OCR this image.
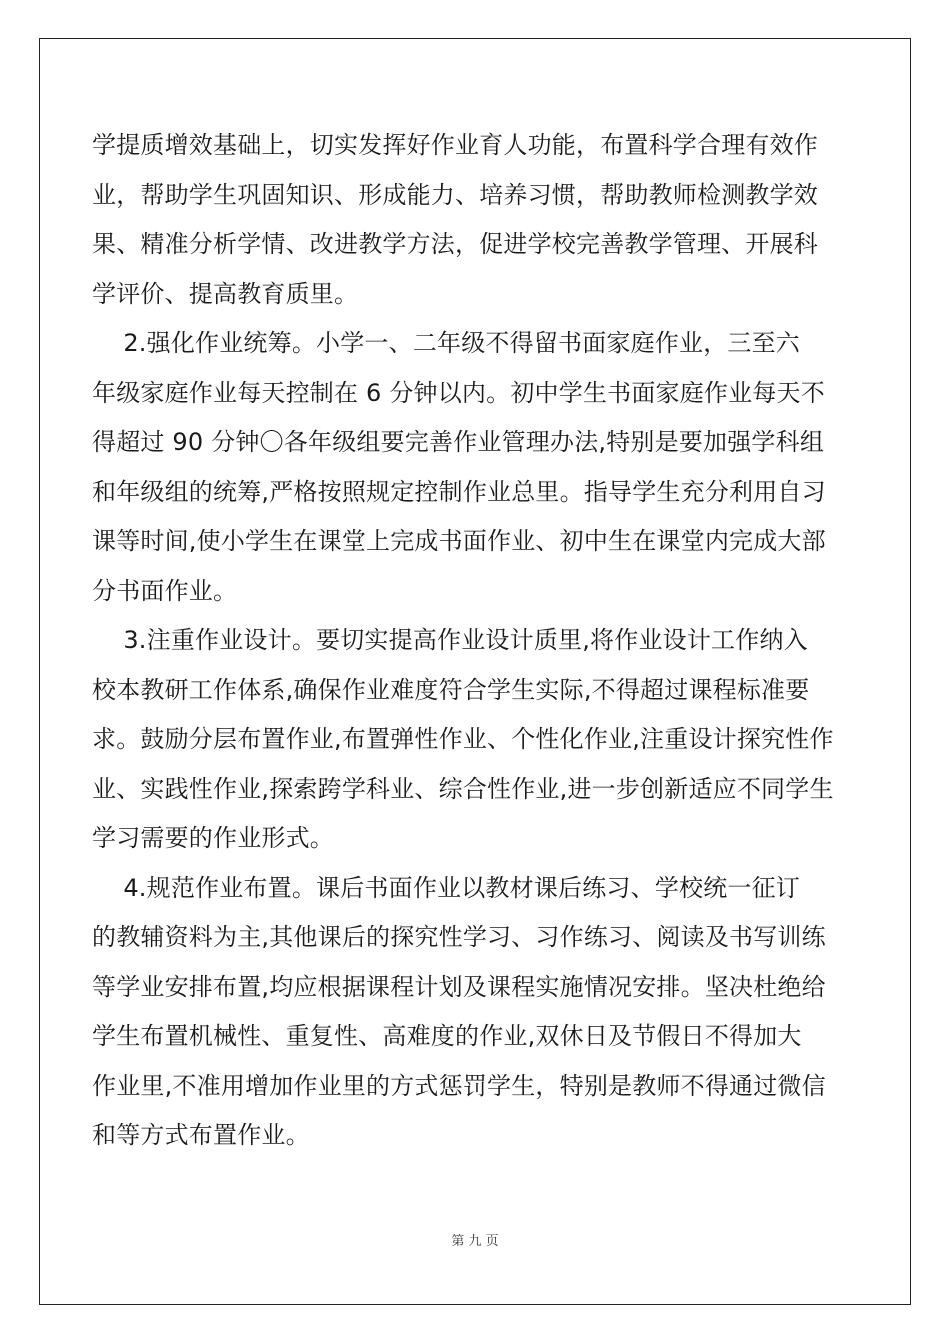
学提质增效基础上，切实发挥好作业育人功能，布置科学合理有效作
业，帮助学生巩固知识、形成能力、培养习惯，帮助教师检测教学效
果、精准分析学情、改进教学方法，促进学校完善教学管理、开展科
学评价、提高教育质里。
2.强化作业统筹。小学一、二年级不得留书面家庭作业，三至六
年级家庭作业每天控制在 6 分钟以内。初中学生书面家庭作业每天不
得超过 90 分钟〇各年级组要完善作业管理办法,特别是要加强学科组
和年级组的统筹,严格按照规定控制作业总里。指导学生充分利用自习
课等时间,使小学生在课堂上完成书面作业、初中生在课堂内完成大部
分书面作业。
3.注重作业设计。要切实提高作业设计质里,将作业设计工作纳入
校本教研工作体系,确保作业难度符合学生实际,不得超过课程标准要
求。鼓励分层布置作业,布置弹性作业、个性化作业,注重设计探究性作
业、实践性作业,探索跨学科业、综合性作业,进一步创新适应不同学生
学习需要的作业形式。
4.规范作业布置。课后书面作业以教材课后练习、学校统一征订
的教辅资料为主,其他课后的探究性学习、习作练习、阅读及书写训练
等学业安排布置,均应根据课程计划及课程实施情况安排。坚决杜绝给
学生布置机械性、重复性、高难度的作业,双休日及节假日不得加大
作业里,不准用增加作业里的方式惩罚学生，特别是教师不得通过微信
和等方式布置作业。
第 九 页
